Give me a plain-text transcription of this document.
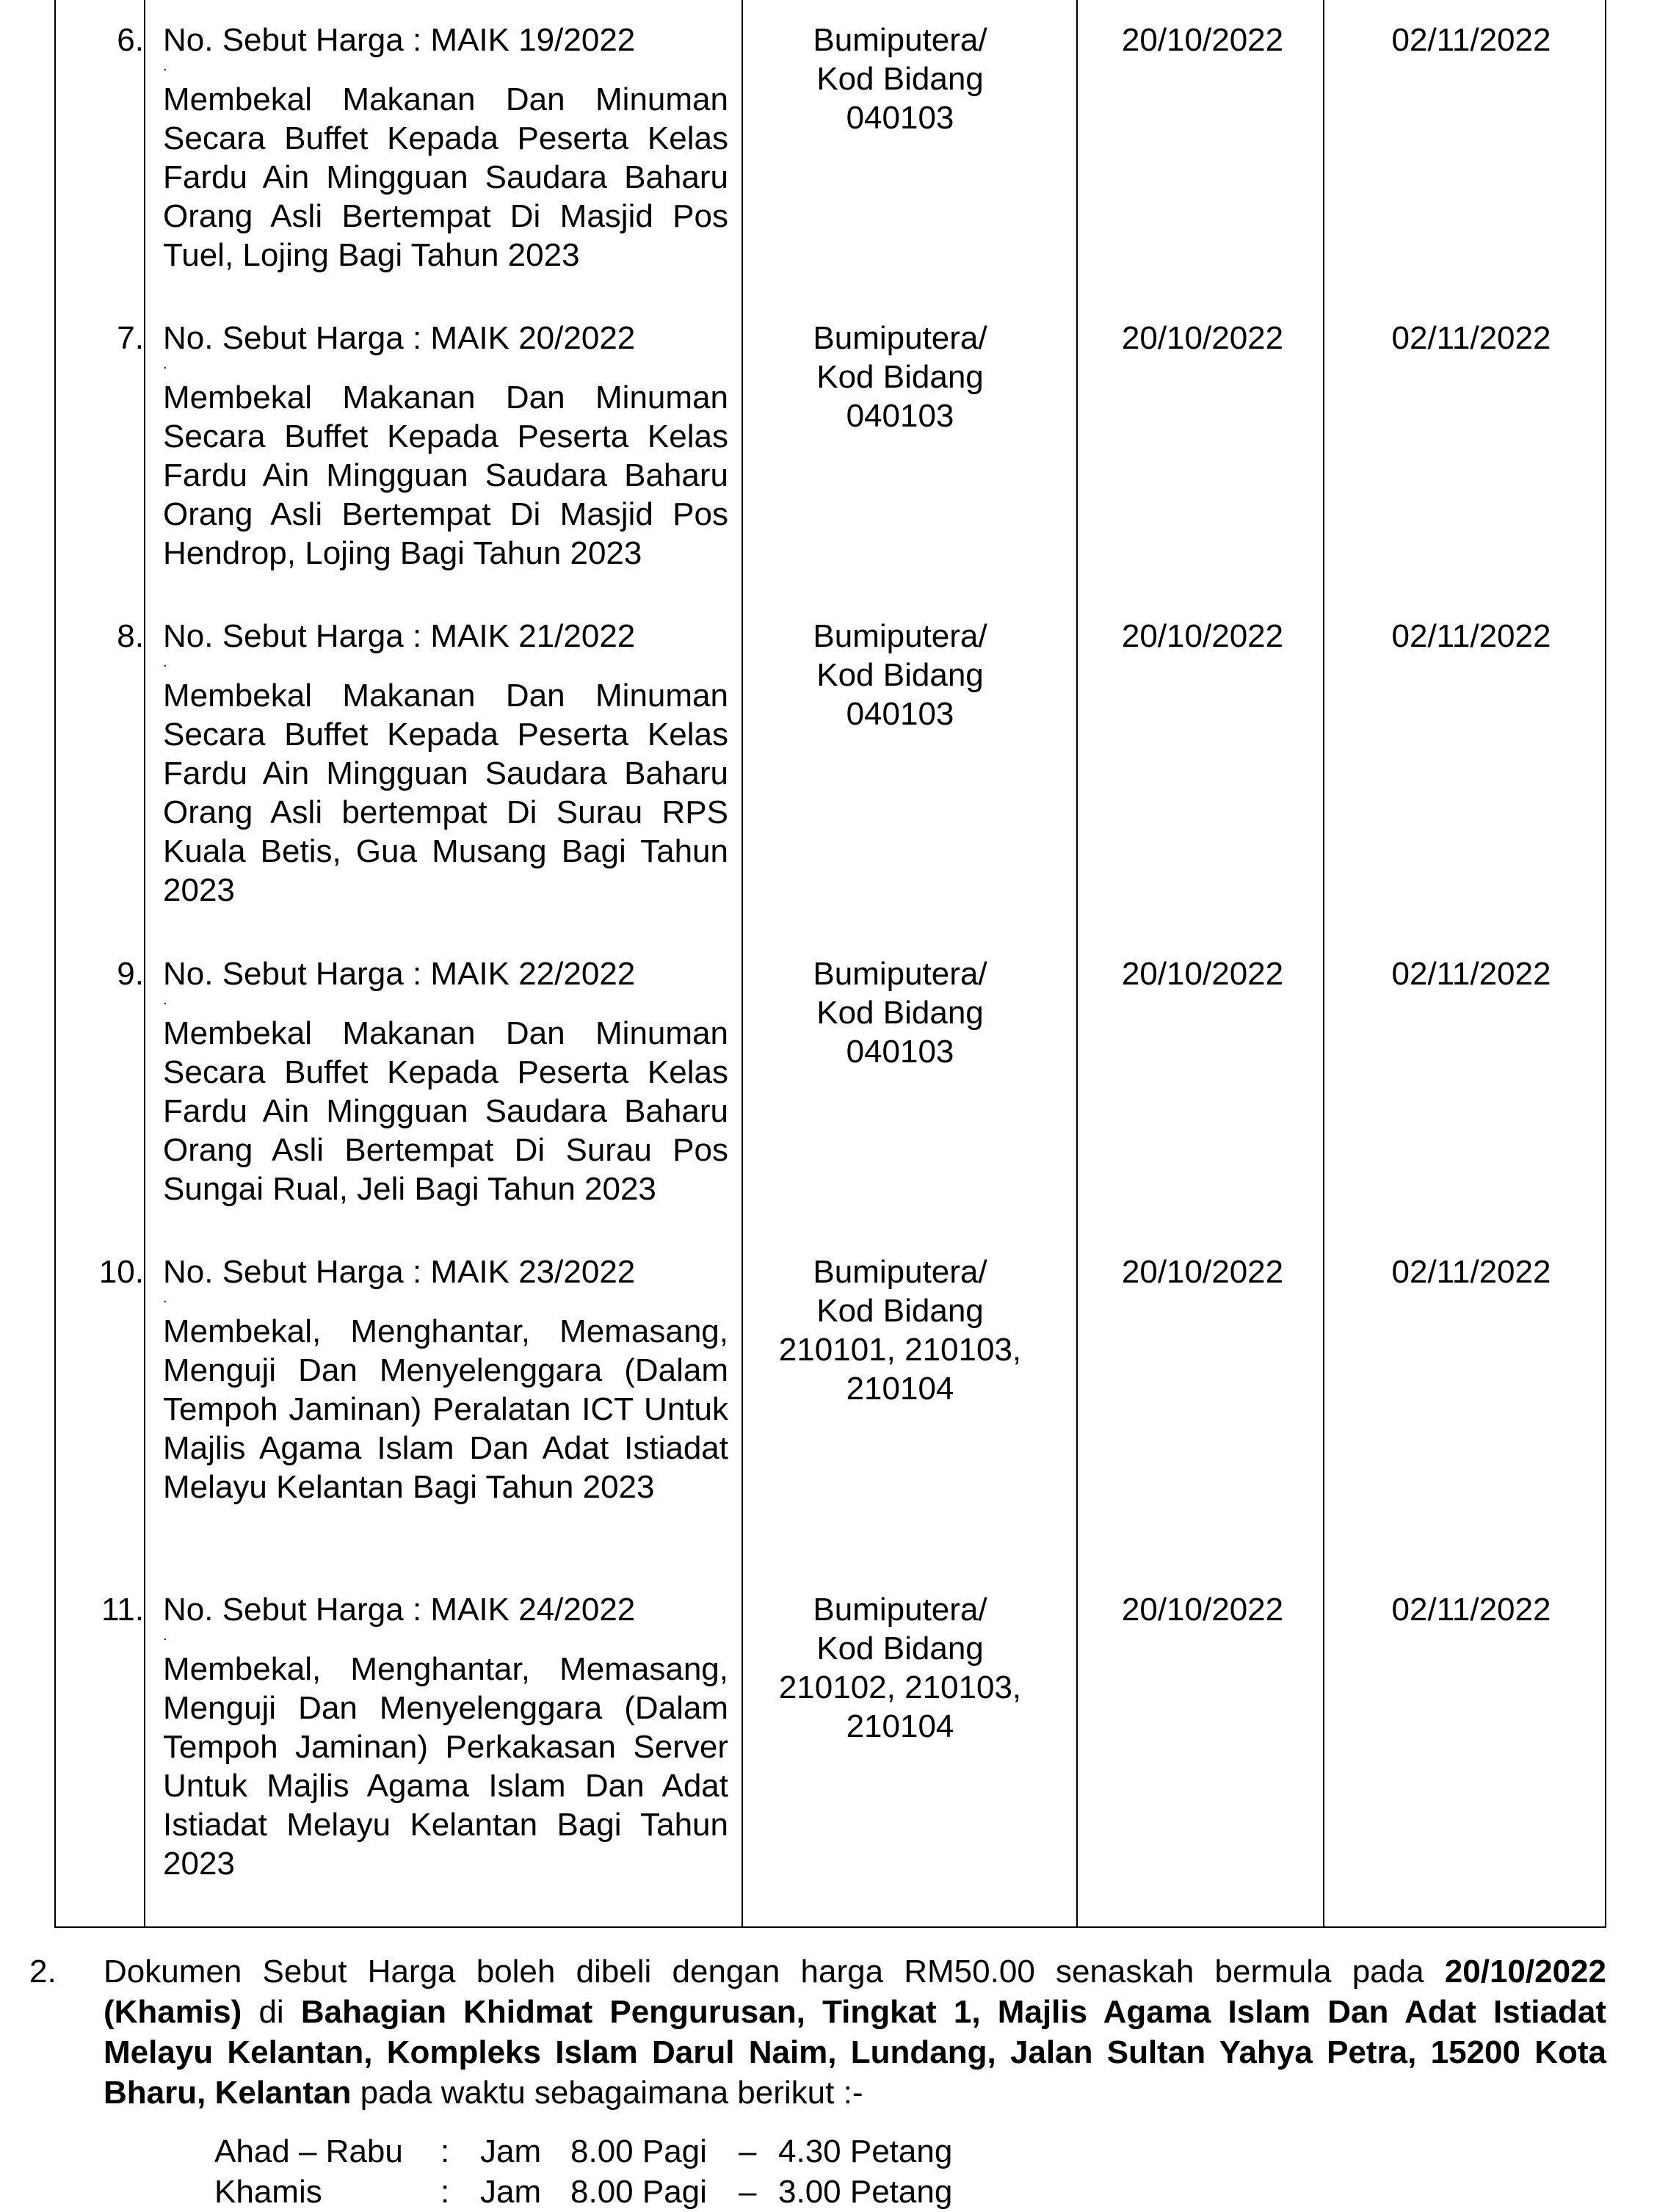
6. No. Sebut Harga : MAIK 19/2022
.
Membekal Makanan Dan Minuman Secara Buffet Kepada Peserta Kelas Fardu Ain Mingguan Saudara Baharu Orang Asli Bertempat Di Masjid Pos Tuel, Lojing Bagi Tahun 2023
Bumiputera/
Kod Bidang
040103
20/10/2022	02/11/2022
7. No. Sebut Harga : MAIK 20/2022
.
Membekal Makanan Dan Minuman Secara Buffet Kepada Peserta Kelas Fardu Ain Mingguan Saudara Baharu Orang Asli Bertempat Di Masjid Pos Hendrop, Lojing Bagi Tahun 2023
Bumiputera/
Kod Bidang
040103
20/10/2022	02/11/2022
8. No. Sebut Harga : MAIK 21/2022
.
Membekal Makanan Dan Minuman Secara Buffet Kepada Peserta Kelas Fardu Ain Mingguan Saudara Baharu Orang Asli bertempat Di Surau RPS Kuala Betis, Gua Musang Bagi Tahun 2023
Bumiputera/
Kod Bidang
040103
20/10/2022	02/11/2022
9. No. Sebut Harga : MAIK 22/2022
.
Membekal Makanan Dan Minuman Secara Buffet Kepada Peserta Kelas Fardu Ain Mingguan Saudara Baharu Orang Asli Bertempat Di Surau Pos Sungai Rual, Jeli Bagi Tahun 2023
Bumiputera/
Kod Bidang
040103
20/10/2022	02/11/2022
10. No. Sebut Harga : MAIK 23/2022
.
Membekal, Menghantar, Memasang, Menguji Dan Menyelenggara (Dalam Tempoh Jaminan) Peralatan ICT Untuk Majlis Agama Islam Dan Adat Istiadat Melayu Kelantan Bagi Tahun 2023
Bumiputera/
Kod Bidang
210101, 210103,
210104
20/10/2022	02/11/2022
11. No. Sebut Harga : MAIK 24/2022
.
Membekal, Menghantar, Memasang, Menguji Dan Menyelenggara (Dalam Tempoh Jaminan) Perkakasan Server Untuk Majlis Agama Islam Dan Adat Istiadat Melayu Kelantan Bagi Tahun 2023
Bumiputera/
Kod Bidang
210102, 210103,
210104
20/10/2022	02/11/2022
2. Dokumen Sebut Harga boleh dibeli dengan harga RM50.00 senaskah bermula pada 20/10/2022 (Khamis) di Bahagian Khidmat Pengurusan, Tingkat 1, Majlis Agama Islam Dan Adat Istiadat Melayu Kelantan, Kompleks Islam Darul Naim, Lundang, Jalan Sultan Yahya Petra, 15200 Kota Bharu, Kelantan pada waktu sebagaimana berikut :-
Ahad – Rabu : Jam 8.00 Pagi – 4.30 Petang
Khamis	: Jam 8.00 Pagi – 3.00 Petang
